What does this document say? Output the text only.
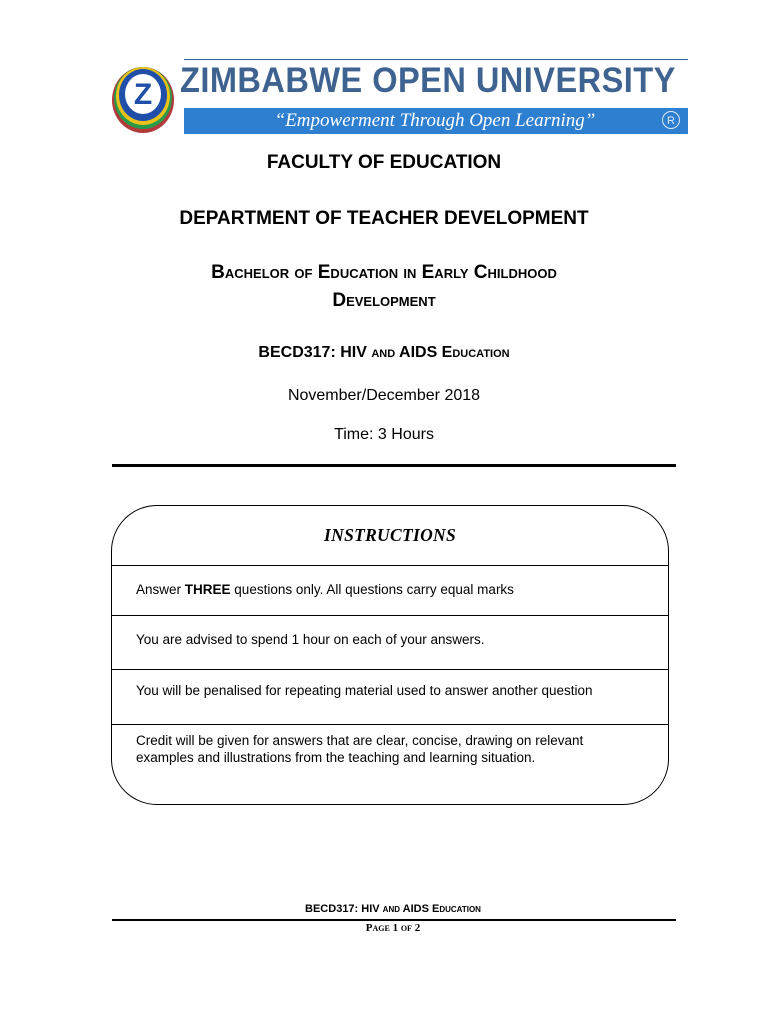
Z ZIMBABWE OPEN UNIVERSITY
“Empowerment Through Open Learning”	R
FACULTY OF EDUCATION
DEPARTMENT OF TEACHER DEVELOPMENT
Bachelor of Education in Early Childhood
Development
BECD317: HIV and AIDS Education
November/December 2018
Time: 3 Hours
INSTRUCTIONS
Answer THREE questions only. All questions carry equal marks
You are advised to spend 1 hour on each of your answers.
You will be penalised for repeating material used to answer another question
Credit will be given for answers that are clear, concise, drawing on relevant examples and illustrations from the teaching and learning situation.
BECD317: HIV and AIDS Education
Page 1 of 2
